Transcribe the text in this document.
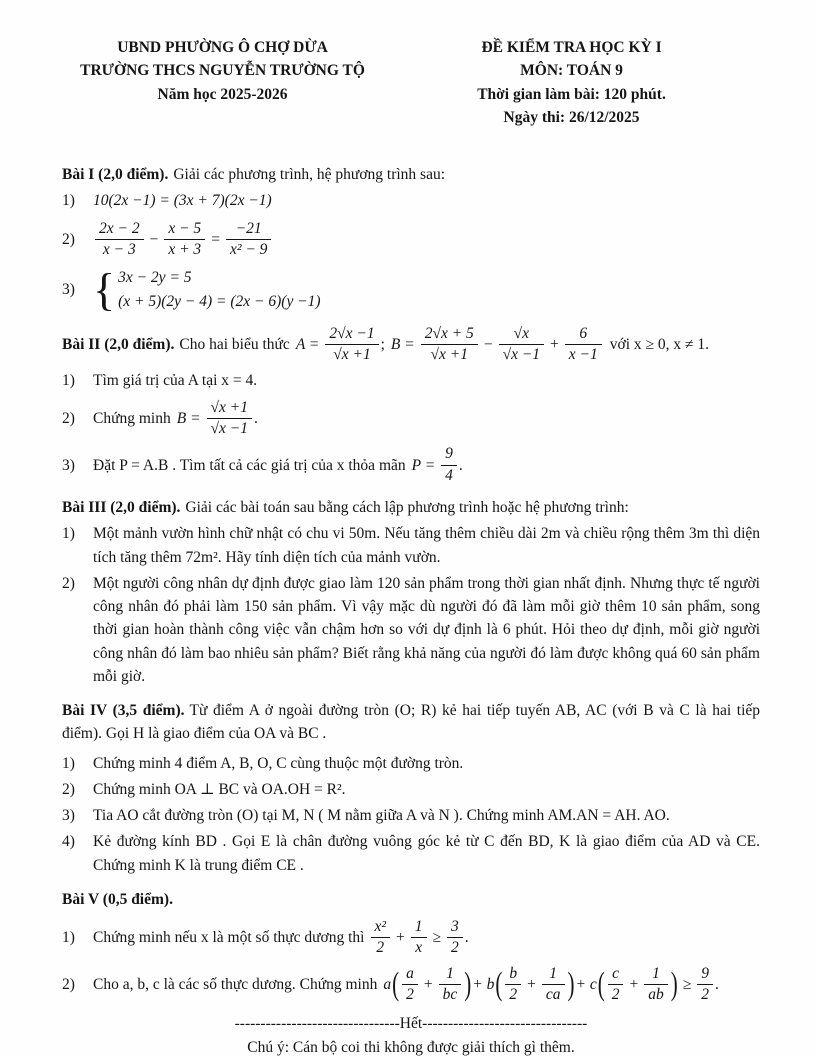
UBND PHƯỜNG Ô CHỢ DỪA

TRƯỜNG THCS NGUYỄN TRƯỜNG TỘ

Năm học 2025-2026

ĐỀ KIỂM TRA HỌC KỲ I

MÔN: TOÁN 9

Thời gian làm bài: 120 phút.

Ngày thi: 26/12/2025

Bài I (2,0 điểm). Giải các phương trình, hệ phương trình sau:

1)	10(2x −1) = (3x + 7)(2x −1)
2)	$\frac{2x - 2}{x - 3} - \frac{x - 5}{x + 3} = \frac{-21}{\text{x² − 9}}$
3) { 3x − 2y = 5
(x + 5)(2y − 4) = (2x − 6)(y −1)
Bài II (2,0 điểm). Cho hai biểu thức $A = \frac{2√x -1}{√x +1}$ ; $B = \frac{2√x + 5}{√x +1} - \frac{√x}{√x -1} + \frac{6}{x -1}$ với x ≥ 0, x ≠ 1.
1)	Tìm giá trị của A tại x = 4.
2)	Chứng minh $B = \frac{√x +1}{√x -1}$ .
3)	Đặt P = A.B . Tìm tất cả các giá trị của x thỏa mãn $P = \frac{9}{4}$ .

Bài III (2,0 điểm). Giải các bài toán sau bằng cách lập phương trình hoặc hệ phương trình:

1)	Một mảnh vườn hình chữ nhật có chu vi 50m. Nếu tăng thêm chiều dài 2m và chiều rộng thêm 3m thì diện tích tăng thêm 72m². Hãy tính diện tích của mảnh vườn.
2)	Một người công nhân dự định được giao làm 120 sản phẩm trong thời gian nhất định. Nhưng thực tế người công nhân đó phải làm 150 sản phẩm. Vì vậy mặc dù người đó đã làm mỗi giờ thêm 10 sản phẩm, song thời gian hoàn thành công việc vẫn chậm hơn so với dự định là 6 phút. Hỏi theo dự định, mỗi giờ người công nhân đó làm bao nhiêu sản phẩm? Biết rằng khả năng của người đó làm được không quá 60 sản phẩm mỗi giờ.

Bài IV (3,5 điểm). Từ điểm A ở ngoài đường tròn (O; R) kẻ hai tiếp tuyến AB, AC (với B và C là hai tiếp điểm). Gọi H là giao điểm của OA và BC .

1)	Chứng minh 4 điểm A, B, O, C cùng thuộc một đường tròn.
2)	Chứng minh OA ⊥ BC và OA.OH = R².
3)	Tia AO cắt đường tròn (O) tại M, N ( M nằm giữa A và N ). Chứng minh AM.AN = AH. AO.
4)	Kẻ đường kính BD . Gọi E là chân đường vuông góc kẻ từ C đến BD, K là giao điểm của AD và CE. Chứng minh K là trung điểm CE .

Bài V (0,5 điểm).

1)	Chứng minh nếu x là một số thực dương thì $\frac{\text{x²}}{2} + \frac{1}{x} \ge \frac{3}{2}$ .
2)	Cho a, b, c là các số thực dương. Chứng minh a ( $\frac{a}{2} + \frac{1}{bc}$ ) + b ( $\frac{b}{2} + \frac{1}{ca}$ ) + c ( $\frac{c}{2} + \frac{1}{ab}$ ) ≥ $\frac{9}{2}$ .

--------------------------------Hết--------------------------------

Chú ý: Cán bộ coi thi không được giải thích gì thêm.
